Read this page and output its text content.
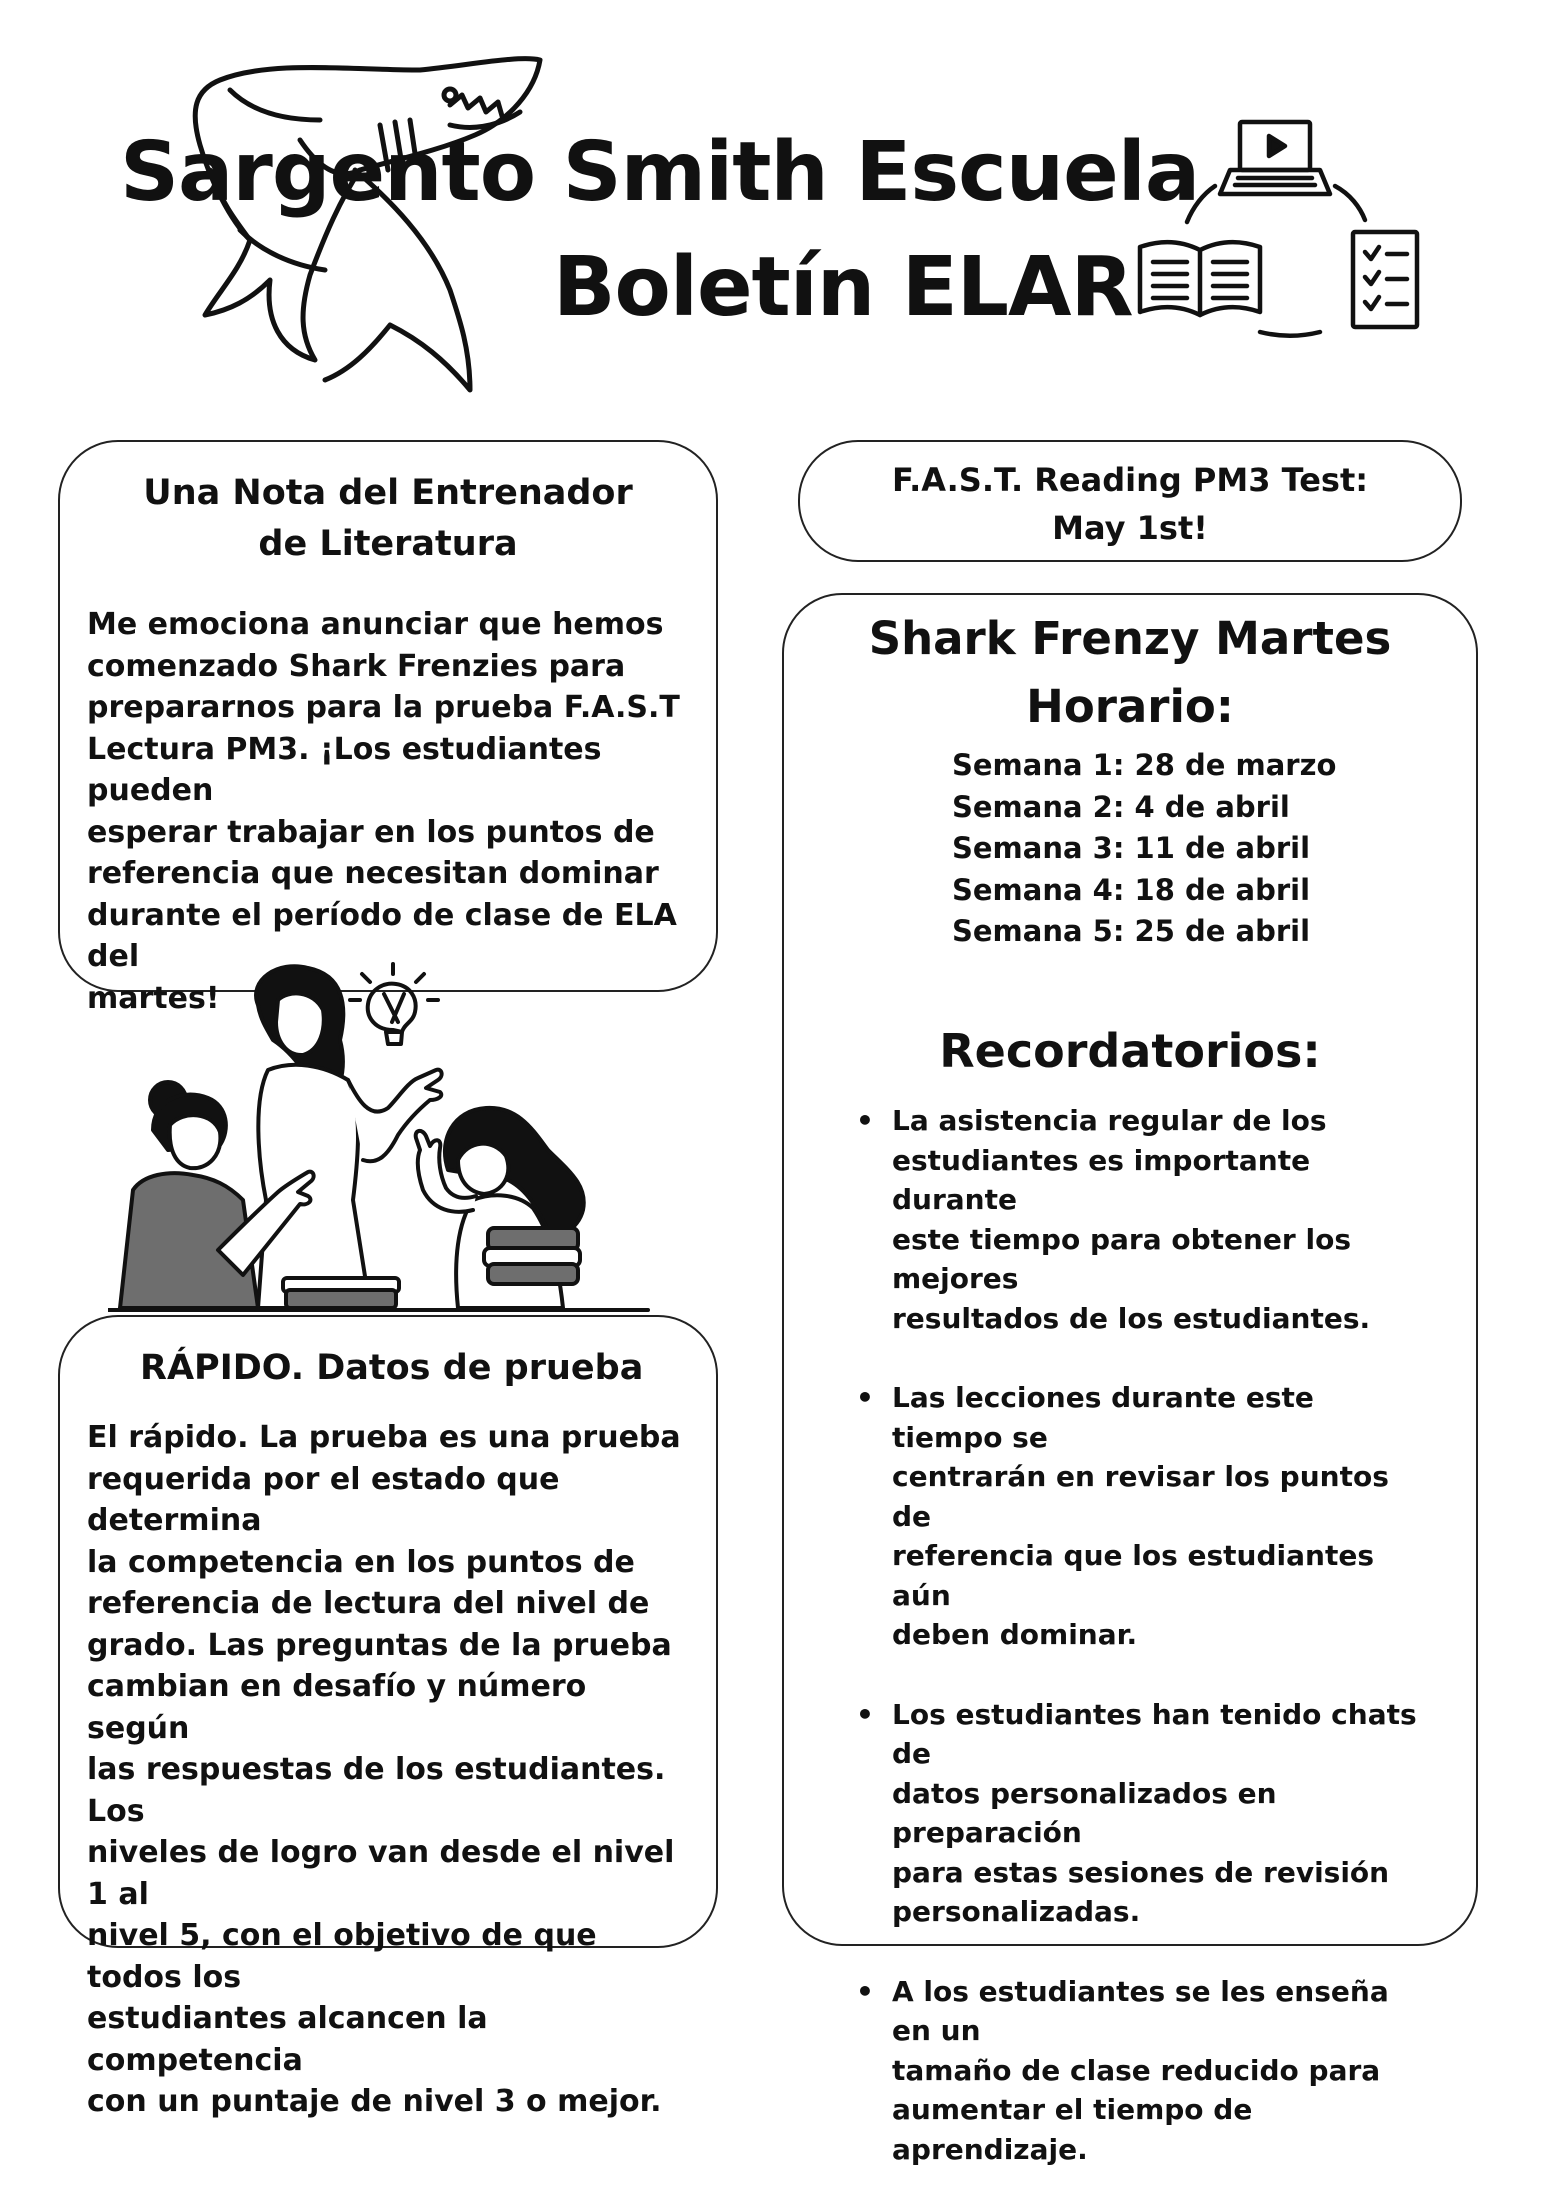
Sargento Smith Escuela
Boletín ELAR
Una Nota del Entrenador
de Literatura
Me emociona anunciar que hemos
comenzado Shark Frenzies para
prepararnos para la prueba F.A.S.T
Lectura PM3. ¡Los estudiantes pueden
esperar trabajar en los puntos de
referencia que necesitan dominar
durante el período de clase de ELA del
martes!
F.A.S.T. Reading PM3 Test:
May 1st!
Shark Frenzy Martes
Horario:
Semana 1: 28 de marzo
Semana 2: 4 de abril
Semana 3: 11 de abril
Semana 4: 18 de abril
Semana 5: 25 de abril
Recordatorios:
• La asistencia regular de los
estudiantes es importante durante
este tiempo para obtener los mejores
resultados de los estudiantes.
• Las lecciones durante este tiempo se
centrarán en revisar los puntos de
referencia que los estudiantes aún
deben dominar.
• Los estudiantes han tenido chats de
datos personalizados en preparación
para estas sesiones de revisión
personalizadas.
• A los estudiantes se les enseña en un
tamaño de clase reducido para
aumentar el tiempo de aprendizaje.
RÁPIDO. Datos de prueba
El rápido. La prueba es una prueba
requerida por el estado que determina
la competencia en los puntos de
referencia de lectura del nivel de
grado. Las preguntas de la prueba
cambian en desafío y número según
las respuestas de los estudiantes. Los
niveles de logro van desde el nivel 1 al
nivel 5, con el objetivo de que todos los
estudiantes alcancen la competencia
con un puntaje de nivel 3 o mejor.
